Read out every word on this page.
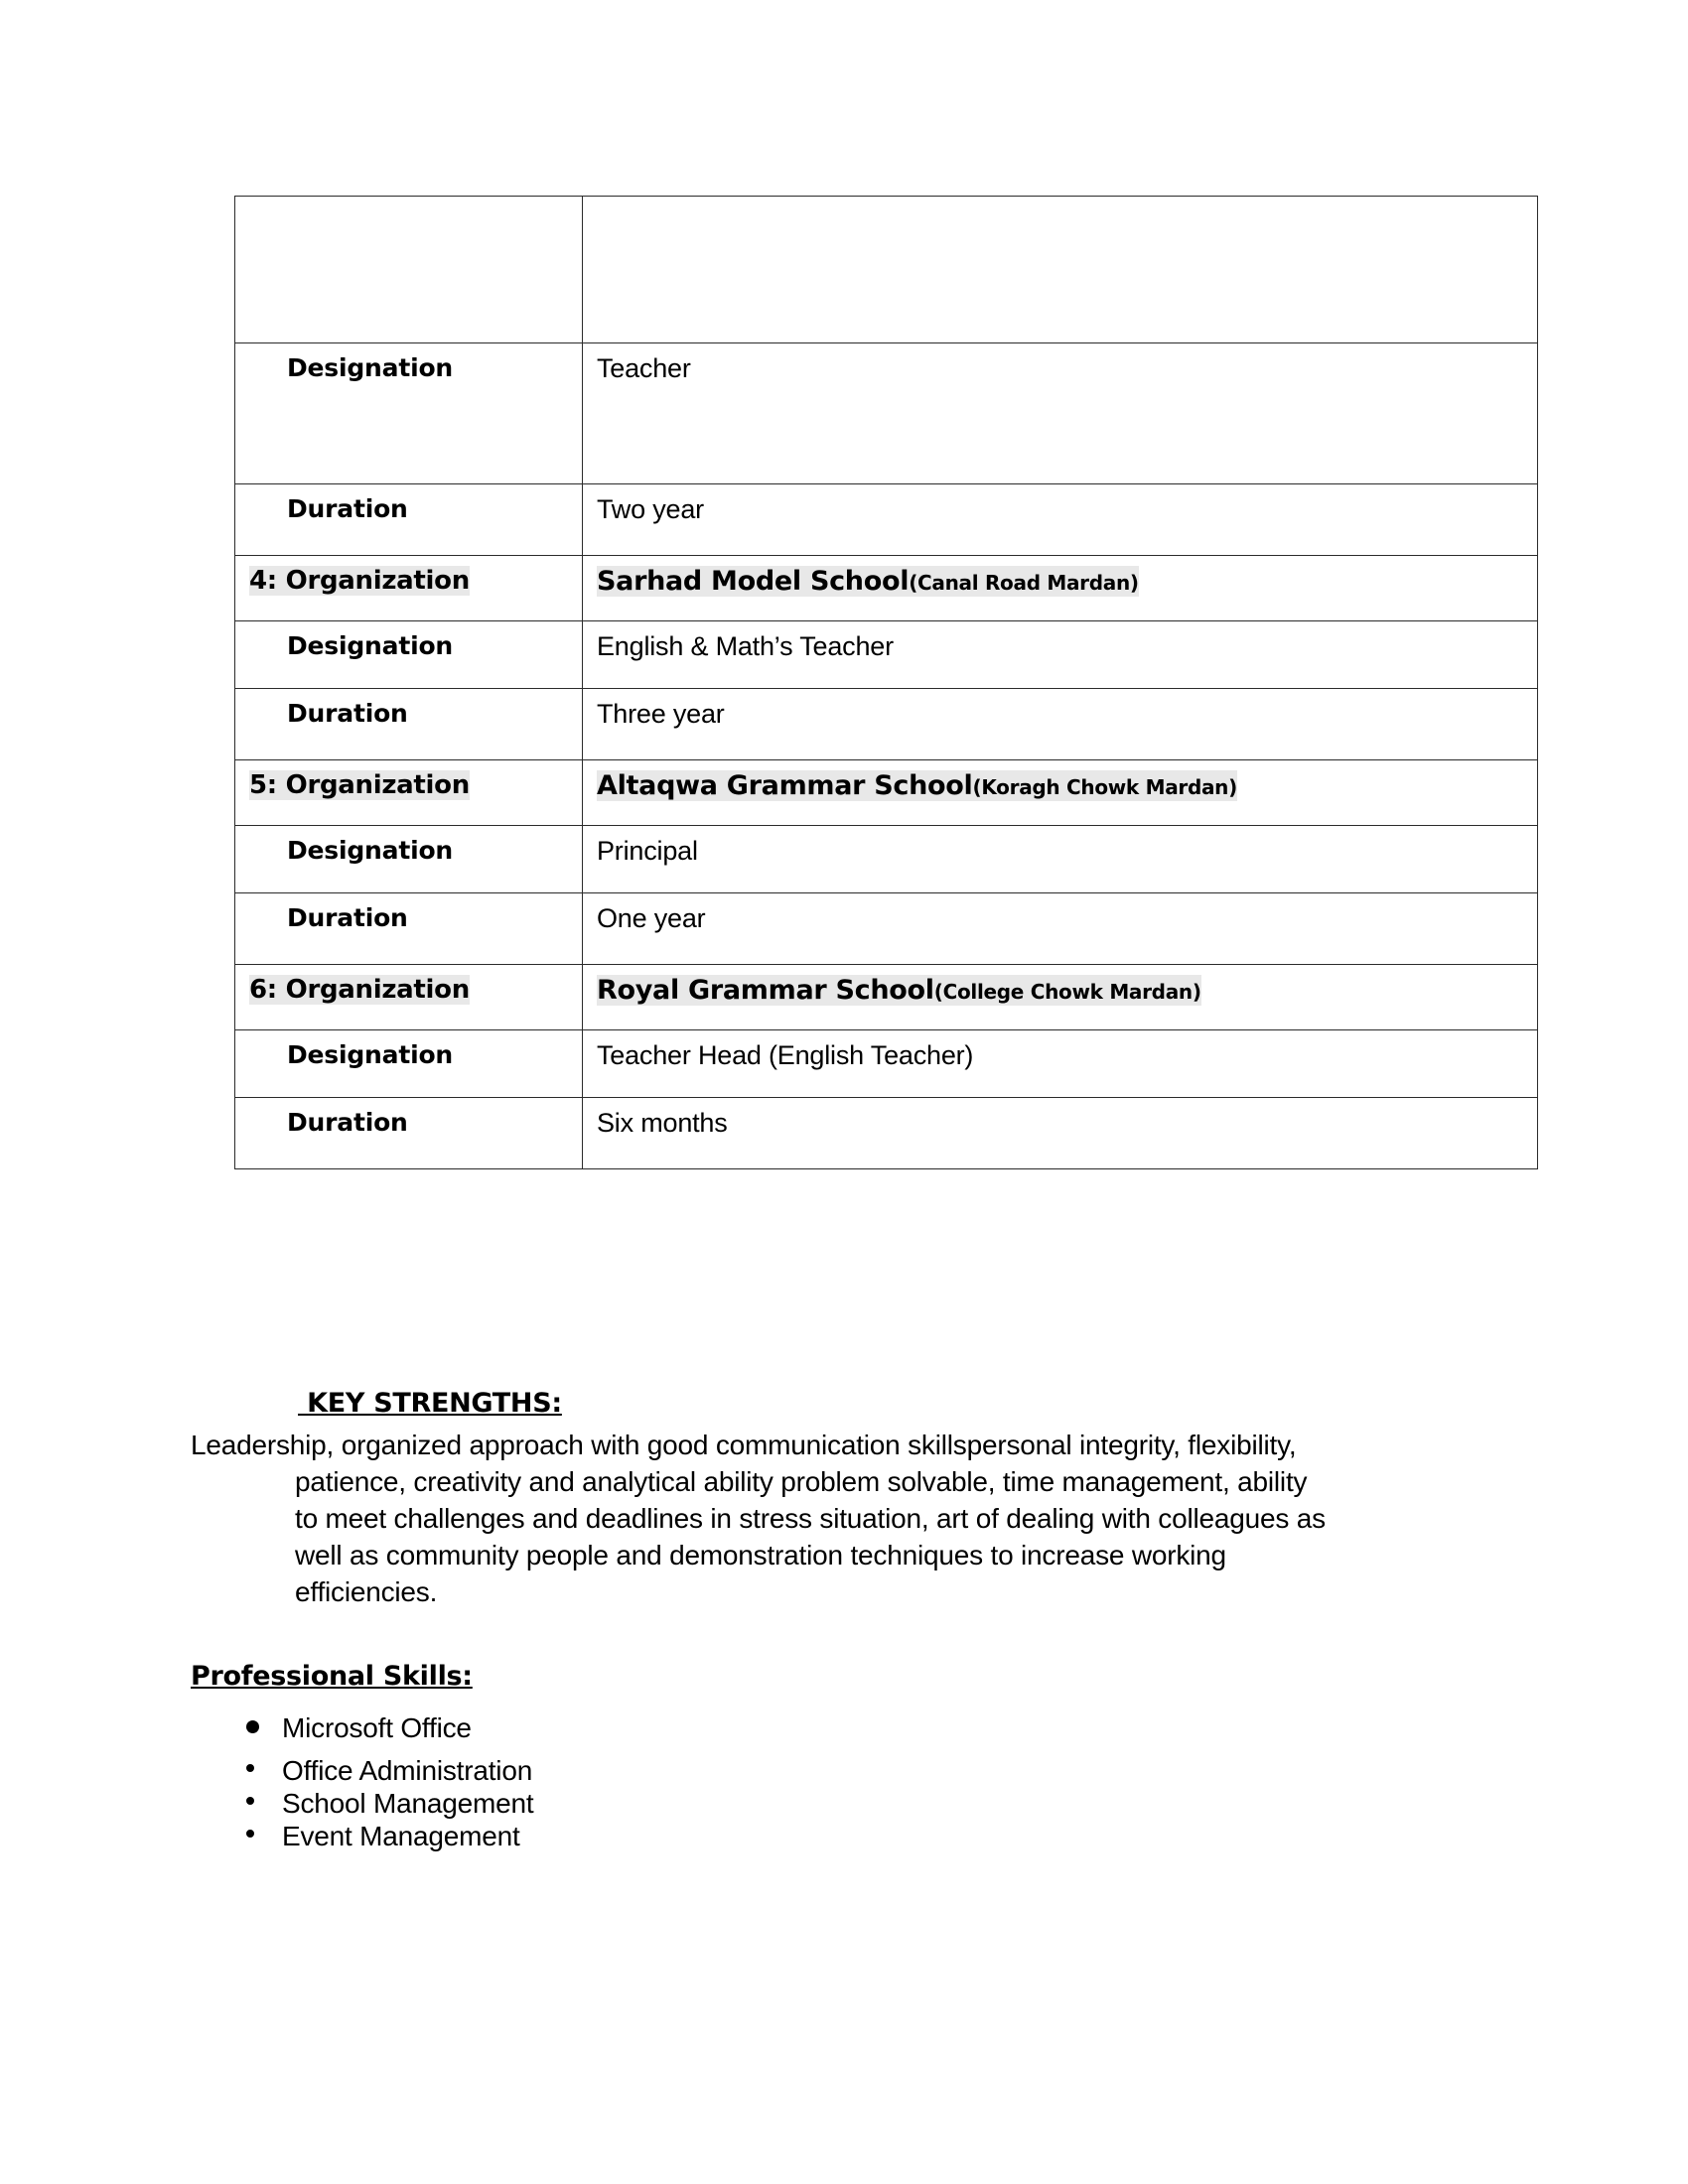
Designation	Teacher

Duration	Two year

4: Organization	Sarhad Model School(Canal Road Mardan)

Designation	English & Math’s Teacher

Duration	Three year

5: Organization	Altaqwa Grammar School(Koragh Chowk Mardan)

Designation	Principal

Duration	One year

6: Organization	Royal Grammar School(College Chowk Mardan)

Designation	Teacher Head (English Teacher)

Duration	Six months
KEY STRENGTHS:
Leadership, organized approach with good communication skillspersonal integrity, flexibility,
patience, creativity and analytical ability problem solvable, time management, ability
to meet challenges and deadlines in stress situation, art of dealing with colleagues as
well as community people and demonstration techniques to increase working
efficiencies.
Professional Skills:
Microsoft Office
Office Administration
School Management
Event Management
